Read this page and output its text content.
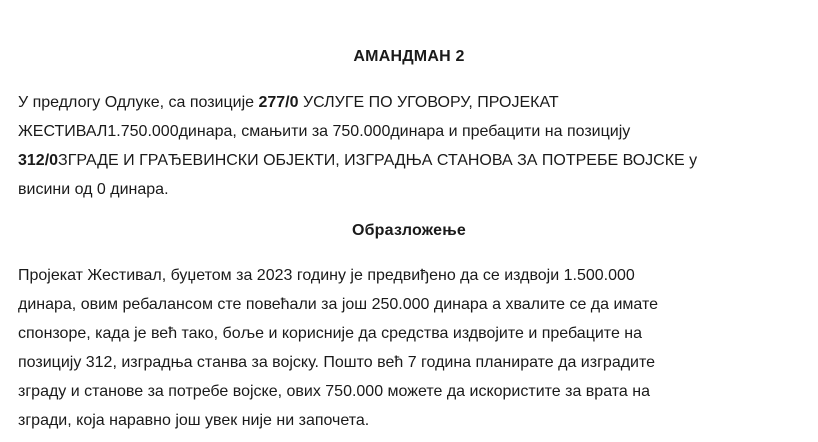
АМАНДМАН 2
У предлогу Одлуке, са позиције 277/0 УСЛУГЕ ПО УГОВОРУ, ПРОЈЕКАТ
ЖЕСТИВАЛ1.750.000динара, смањити за 750.000динара и пребацити на позицију
312/0ЗГРАДЕ И ГРАЂЕВИНСКИ ОБЈЕКТИ, ИЗГРАДЊА СТАНОВА ЗА ПОТРЕБЕ ВОЈСКЕ у
висини од 0 динара.
Образложење
Пројекат Жестивал, буџетом за 2023 годину је предвиђено да се издвоји 1.500.000
динара, овим ребалансом сте повећали за још 250.000 динара а хвалите се да имате
спонзоре, када је већ тако, боље и корисније да средства издвојите и пребаците на
позицију 312, изградња станва за војску. Пошто већ 7 година планирате да изградите
зграду и станове за потребе војске, ових 750.000 можете да искористите за врата на
згради, која наравно још увек није ни започета.
